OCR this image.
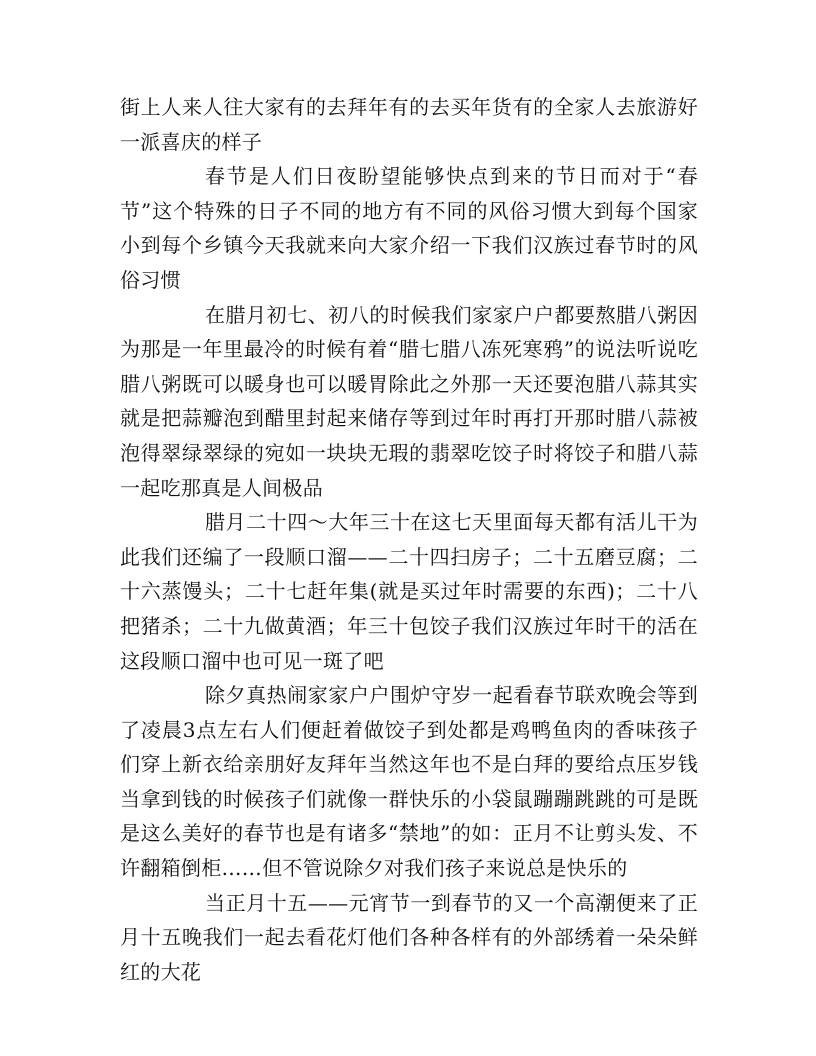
街上人来人往大家有的去拜年有的去买年货有的全家人去旅游好一派喜庆的样子

春节是人们日夜盼望能够快点到来的节日而对于“春节”这个特殊的日子不同的地方有不同的风俗习惯大到每个国家小到每个乡镇今天我就来向大家介绍一下我们汉族过春节时的风俗习惯

在腊月初七、初八的时候我们家家户户都要熬腊八粥因为那是一年里最冷的时候有着“腊七腊八冻死寒鸦”的说法听说吃腊八粥既可以暖身也可以暖胃除此之外那一天还要泡腊八蒜其实就是把蒜瓣泡到醋里封起来储存等到过年时再打开那时腊八蒜被泡得翠绿翠绿的宛如一块块无瑕的翡翠吃饺子时将饺子和腊八蒜一起吃那真是人间极品

腊月二十四～大年三十在这七天里面每天都有活儿干为此我们还编了一段顺口溜——二十四扫房子；二十五磨豆腐；二十六蒸馒头；二十七赶年集(就是买过年时需要的东西)；二十八把猪杀；二十九做黄酒；年三十包饺子我们汉族过年时干的活在这段顺口溜中也可见一斑了吧

除夕真热闹家家户户围炉守岁一起看春节联欢晚会等到了凌晨3点左右人们便赶着做饺子到处都是鸡鸭鱼肉的香味孩子们穿上新衣给亲朋好友拜年当然这年也不是白拜的要给点压岁钱当拿到钱的时候孩子们就像一群快乐的小袋鼠蹦蹦跳跳的可是既是这么美好的春节也是有诸多“禁地”的如：正月不让剪头发、不许翻箱倒柜……但不管说除夕对我们孩子来说总是快乐的

当正月十五——元宵节一到春节的又一个高潮便来了正月十五晚我们一起去看花灯他们各种各样有的外部绣着一朵朵鲜红的大花
